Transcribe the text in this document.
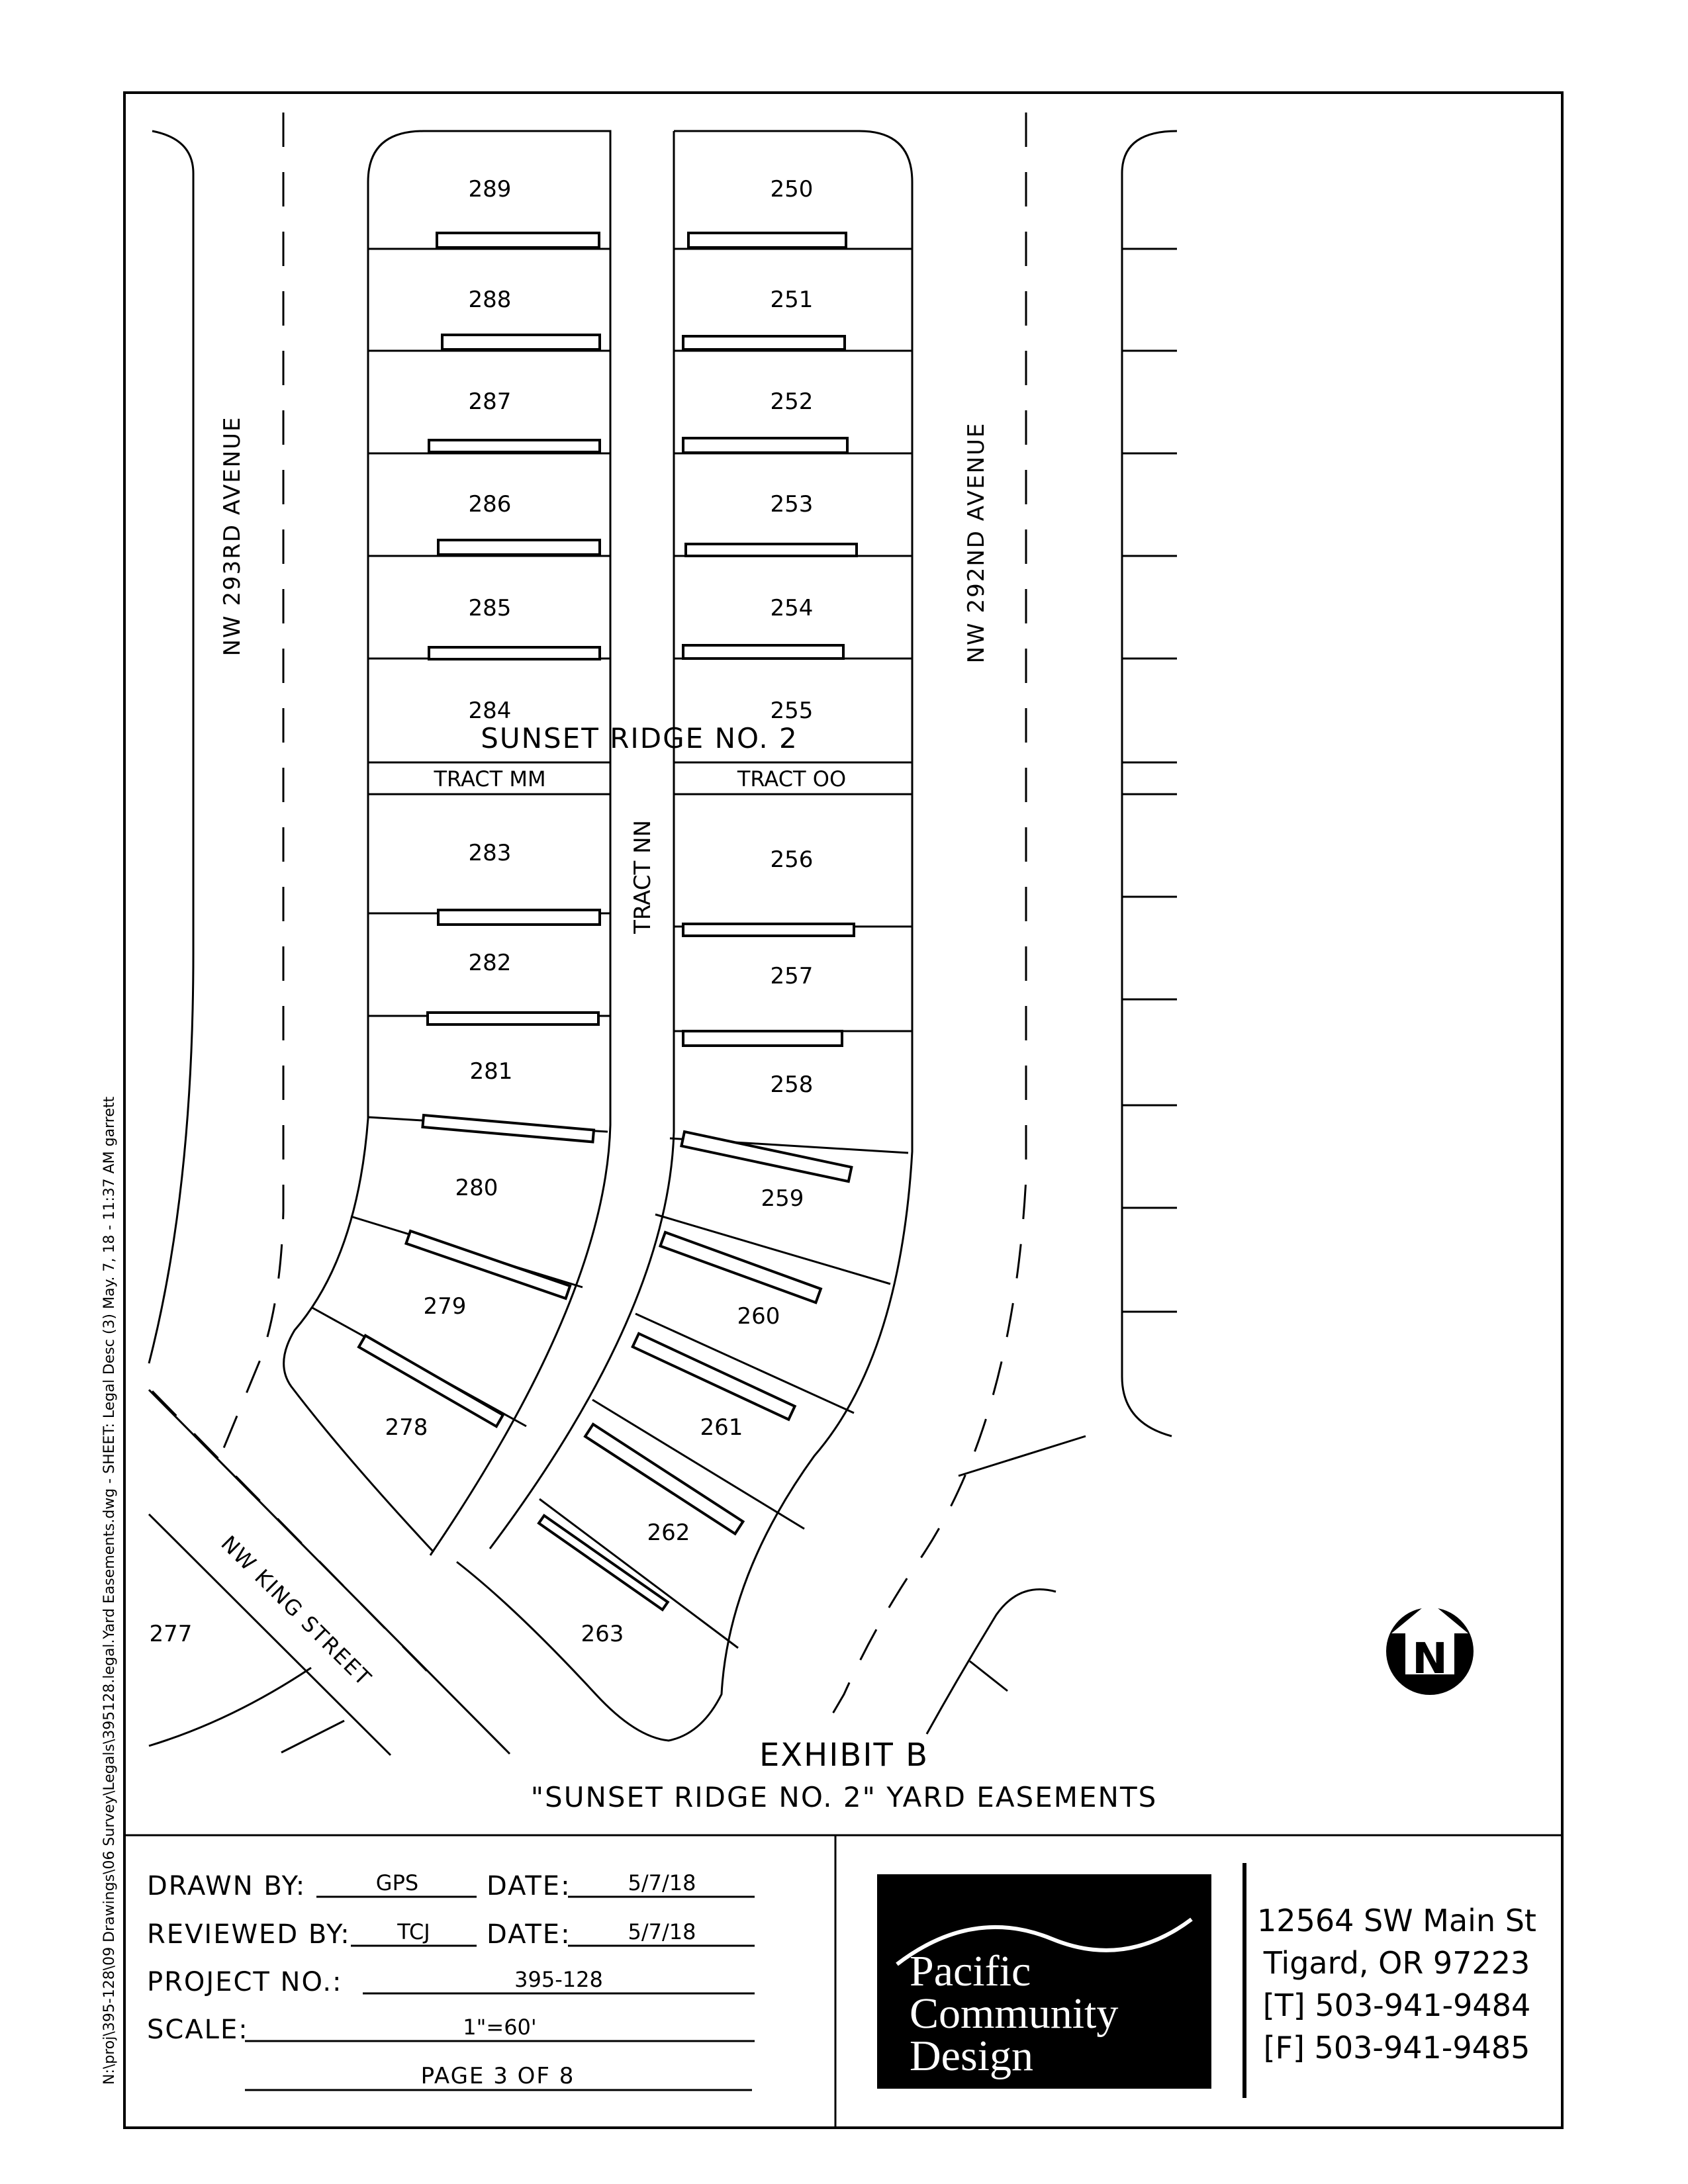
N:\proj\395-128\09 Drawings\06 Survey\Legals\395128.legal.Yard Easements.dwg - SHEET: Legal Desc (3) May. 7, 18 - 11:37 AM garrett
289
288
287
286
285
284
283
282
281
280
279
278
277
250
251
252
253
254
255
256
257
258
259
260
261
262
263
SUNSET RIDGE NO. 2
TRACT MM	TRACT OO
TRACT NN
NW 293RD AVENUE	NW 292ND AVENUE
NW KING STREET	N
EXHIBIT B
"SUNSET RIDGE NO. 2" YARD EASEMENTS
DRAWN BY:	GPS	DATE:	5/7/18
REVIEWED BY: TCJ DATE:	5/7/18
PROJECT NO.:	395-128
SCALE:	1"=60'
PAGE 3 OF 8
Pacific
Community
Design
12564 SW Main St
Tigard, OR 97223
[T] 503-941-9484
[F] 503-941-9485
